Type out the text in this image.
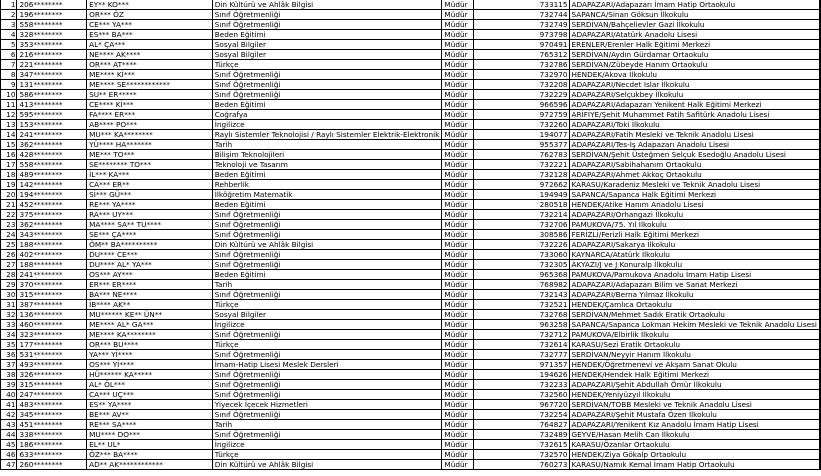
1	206********	EY** KO***	Din Kültürü ve Ahlâk Bilgisi	Müdür	733115	ADAPAZARI/Adapazarı İmam Hatip Ortaokulu	
2	196********	OR*** ÖZ	Sınıf Öğretmenliği	Müdür	732744	SAPANCA/Sinan Göksun İlkokulu	
3	558********	CE*** YA***	Sınıf Öğretmenliği	Müdür	732749	SERDİVAN/Bahçelievler Gazi İlkokulu	
4	328********	ES*** BA***	Beden Eğitimi	Müdür	973798	ADAPAZARI/Atatürk Anadolu Lisesi	
5	353********	AL* ÇA***	Sosyal Bilgiler	Müdür	970491	ERENLER/Erenler Halk Eğitimi Merkezi	
6	216********	NE**** AK****	Sosyal Bilgiler	Müdür	765312	SERDİVAN/Aydın Gürdamar Ortaokulu	
7	221********	OR*** AT****	Türkçe	Müdür	732786	SERDİVAN/Zübeyde Hanım Ortaokulu	
8	347********	ME**** Kİ***	Sınıf Öğretmenliği	Müdür	732970	HENDEK/Akova İlkokulu	
9	131********	ME**** SE************	Sınıf Öğretmenliği	Müdür	732208	ADAPAZARI/Necdet Islar İlkokulu	
10	586********	SU** ER*****	Sınıf Öğretmenliği	Müdür	732229	ADAPAZARI/Selçukbey İlkokulu	
11	413********	CE**** Kİ***	Beden Eğitimi	Müdür	966596	ADAPAZARI/Adapazarı Yenikent Halk Eğitimi Merkezi	
12	595********	FA**** ER***	Coğrafya	Müdür	972759	ARİFİYE/Şehit Muhammet Fatih Safitürk Anadolu Lisesi	
13	153********	AB**** PO***	İngilizce	Müdür	732260	ADAPAZARI/Toki İlkokulu	
14	241********	MU*** KA********	Raylı Sistemler Teknolojisi / Raylı Sistemler Elektrik-Elektronik	Müdür	194077	ADAPAZARI/Fatih Mesleki ve Teknik Anadolu Lisesi	
15	362********	YÜ**** HA*******	Tarih	Müdür	955377	ADAPAZARI/Tes-İş Adapazarı Anadolu Lisesi	
16	428********	ME*** TO***	Bilişim Teknolojileri	Müdür	762783	SERDİVAN/Şehit Üsteğmen Selçuk Esedoğlu Anadolu Lisesi	
17	558********	SE******** TO***	Teknoloji ve Tasarım	Müdür	732221	ADAPAZARI/Sabihahanım Ortaokulu	
18	489********	İL*** KA***	Beden Eğitimi	Müdür	732128	ADAPAZARI/Ahmet Akkoç Ortaokulu	
19	142********	CA*** ER**	Rehberlik	Müdür	972662	KARASU/Karadeniz Mesleki ve Teknik Anadolu Lisesi	
20	194********	Sİ*** GÜ***	İlköğretim Matematik	Müdür	194949	SAPANCA/Sapanca Halk Eğitimi Merkezi	
21	452********	RE*** YA****	Beden Eğitimi	Müdür	280518	HENDEK/Atike Hanım Anadolu Lisesi	
22	375********	RA*** UY***	Sınıf Öğretmenliği	Müdür	732214	ADAPAZARI/Orhangazi İlkokulu	
23	362********	MA**** SA** TU****	Sınıf Öğretmenliği	Müdür	732706	PAMUKOVA/75. Yıl İlkokulu	
24	343********	SE*** ÇA****	Sınıf Öğretmenliği	Müdür	308586	FERİZLİ/Ferizli Halk Eğitimi Merkezi	
25	188********	ÖM** BA**********	Din Kültürü ve Ahlâk Bilgisi	Müdür	732226	ADAPAZARI/Sakarya İlkokulu	
26	402********	DU**** CE***	Sınıf Öğretmenliği	Müdür	733060	KAYNARCA/Atatürk İlkokulu	
27	188********	DU**** AL* YA***	Sınıf Öğretmenliği	Müdür	732305	AKYAZI/J ve J Konuralp İlkokulu	
28	241********	OS*** AY***	Beden Eğitimi	Müdür	965368	PAMUKOVA/Pamukova Anadolu İmam Hatip Lisesi	
29	370********	ER*** ER****	Tarih	Müdür	768982	ADAPAZARI/Adapazarı Bilim ve Sanat Merkezi	
30	315********	BA*** NE****	Sınıf Öğretmenliği	Müdür	732143	ADAPAZARI/Berna Yılmaz İlkokulu	
31	387********	İB**** AK**	Türkçe	Müdür	732521	HENDEK/Çamlıca Ortaokulu	
32	136********	MU****** KE** ÜN**	Sosyal Bilgiler	Müdür	732768	SERDİVAN/Mehmet Sadık Eratik Ortaokulu	
33	460********	ME**** AL* GA***	İngilizce	Müdür	963258	SAPANCA/Sapanca Lokman Hekim Mesleki ve Teknik Anadolu Lisesi	
34	323********	ME**** KA********	Sınıf Öğretmenliği	Müdür	732712	PAMUKOVA/Elbirlik İlkokulu	
35	177********	OR*** BU****	Türkçe	Müdür	732614	KARASU/Sezi Eratik Ortaokulu	
36	531********	YA*** Yİ****	Sınıf Öğretmenliği	Müdür	732777	SERDİVAN/Neyyir Hanım İlkokulu	
37	493********	OS*** Yİ****	İmam-Hatip Lisesi Meslek Dersleri	Müdür	971357	HENDEK/Öğretmeneví ve Akşam Sanat Okulu	
38	326********	HÜ****** KA*****	Sınıf Öğretmenliği	Müdür	194626	HENDEK/Hendek Halk Eğitimi Merkezi	
39	315********	AL* ÖL***	Sınıf Öğretmenliği	Müdür	732233	ADAPAZARI/Şehit Abdullah Ömür İlkokulu	
40	247********	CA*** UÇ***	Sınıf Öğretmenliği	Müdür	732560	HENDEK/Yeniyüzyıl İlkokulu	
41	483********	ES** YA****	Yiyecek İçecek Hizmetleri	Müdür	967720	SERDİVAN/TOBB Mesleki ve Teknik Anadolu Lisesi	
42	345********	BE*** AV**	Sınıf Öğretmenliği	Müdür	732254	ADAPAZARI/Şehit Mustafa Özen İlkokulu	
43	451********	RE*** SA****	Tarih	Müdür	764827	ADAPAZARI/Yenikent Kız Anadolu İmam Hatip Lisesi	
44	338********	MU**** DO***	Sınıf Öğretmenliği	Müdür	732489	GEYVE/Hasan Melih Can İlkokulu	
45	186********	EL** UL*	İngilizce	Müdür	732615	KARASU/Özanlar Ortaokulu	
46	633********	ÖZ*** BA****	Türkçe	Müdür	732570	HENDEK/Ziya Gökalp Ortaokulu	
47	260********	AD** AK************	Din Kültürü ve Ahlâk Bilgisi	Müdür	760273	KARASU/Namık Kemal İmam Hatip Ortaokulu	
